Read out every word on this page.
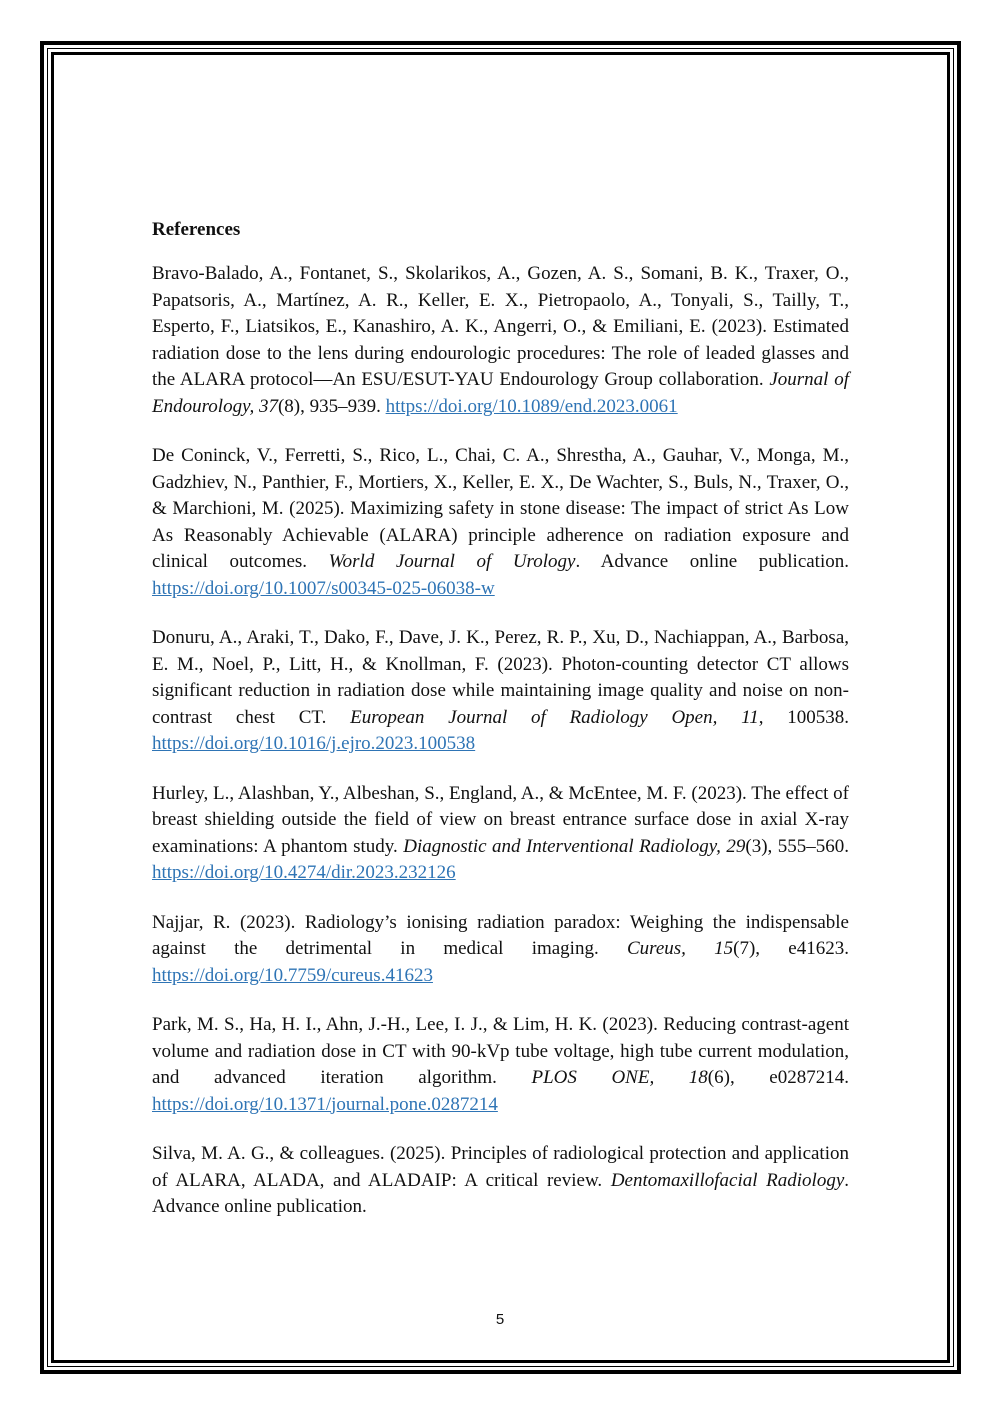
References

Bravo-Balado, A., Fontanet, S., Skolarikos, A., Gozen, A. S., Somani, B. K., Traxer, O., Papatsoris, A., Martínez, A. R., Keller, E. X., Pietropaolo, A., Tonyali, S., Tailly, T., Esperto, F., Liatsikos, E., Kanashiro, A. K., Angerri, O., & Emiliani, E. (2023). Estimated radiation dose to the lens during endourologic procedures: The role of leaded glasses and the ALARA protocol—An ESU/ESUT-YAU Endourology Group collaboration. Journal of Endourology, 37(8), 935–939. https://doi.org/10.1089/end.2023.0061

De Coninck, V., Ferretti, S., Rico, L., Chai, C. A., Shrestha, A., Gauhar, V., Monga, M., Gadzhiev, N., Panthier, F., Mortiers, X., Keller, E. X., De Wachter, S., Buls, N., Traxer, O., & Marchioni, M. (2025). Maximizing safety in stone disease: The impact of strict As Low As Reasonably Achievable (ALARA) principle adherence on radiation exposure and clinical outcomes. World Journal of Urology. Advance online publication. https://doi.org/10.1007/s00345-025-06038-w

Donuru, A., Araki, T., Dako, F., Dave, J. K., Perez, R. P., Xu, D., Nachiappan, A., Barbosa, E. M., Noel, P., Litt, H., & Knollman, F. (2023). Photon-counting detector CT allows significant reduction in radiation dose while maintaining image quality and noise on non-contrast chest CT. European Journal of Radiology Open, 11, 100538. https://doi.org/10.1016/j.ejro.2023.100538

Hurley, L., Alashban, Y., Albeshan, S., England, A., & McEntee, M. F. (2023). The effect of breast shielding outside the field of view on breast entrance surface dose in axial X-ray examinations: A phantom study. Diagnostic and Interventional Radiology, 29(3), 555–560. https://doi.org/10.4274/dir.2023.232126

Najjar, R. (2023). Radiology’s ionising radiation paradox: Weighing the indispensable against the detrimental in medical imaging. Cureus, 15(7), e41623. https://doi.org/10.7759/cureus.41623

Park, M. S., Ha, H. I., Ahn, J.-H., Lee, I. J., & Lim, H. K. (2023). Reducing contrast-agent volume and radiation dose in CT with 90-kVp tube voltage, high tube current modulation, and advanced iteration algorithm. PLOS ONE, 18(6), e0287214. https://doi.org/10.1371/journal.pone.0287214

Silva, M. A. G., & colleagues. (2025). Principles of radiological protection and application of ALARA, ALADA, and ALADAIP: A critical review. Dentomaxillofacial Radiology. Advance online publication.

5
